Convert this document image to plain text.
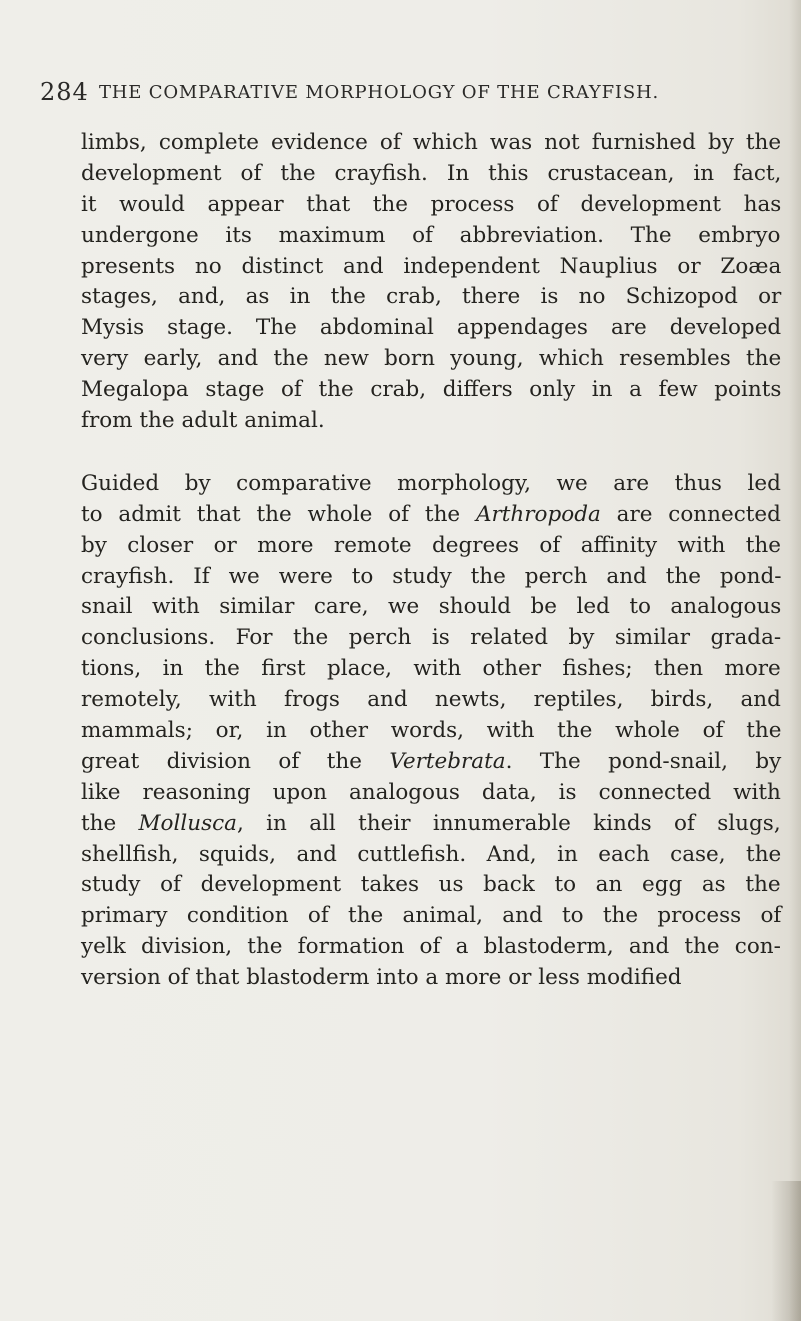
284 THE COMPARATIVE MORPHOLOGY OF THE CRAYFISH.
limbs, complete evidence of which was not furnished by the
development of the crayfish. In this crustacean, in fact,
it would appear that the process of development has
undergone its maximum of abbreviation. The embryo
presents no distinct and independent Nauplius or Zoæa
stages, and, as in the crab, there is no Schizopod or
Mysis stage. The abdominal appendages are developed
very early, and the new born young, which resembles the
Megalopa stage of the crab, differs only in a few points
from the adult animal.
Guided by comparative morphology, we are thus led
to admit that the whole of the Arthropoda are connected
by closer or more remote degrees of affinity with the
crayfish. If we were to study the perch and the pond-
snail with similar care, we should be led to analogous
conclusions. For the perch is related by similar grada-
tions, in the first place, with other fishes; then more
remotely, with frogs and newts, reptiles, birds, and
mammals; or, in other words, with the whole of the
great division of the Vertebrata. The pond-snail, by
like reasoning upon analogous data, is connected with
the Mollusca, in all their innumerable kinds of slugs,
shellfish, squids, and cuttlefish. And, in each case, the
study of development takes us back to an egg as the
primary condition of the animal, and to the process of
yelk division, the formation of a blastoderm, and the con-
version of that blastoderm into a more or less modified
